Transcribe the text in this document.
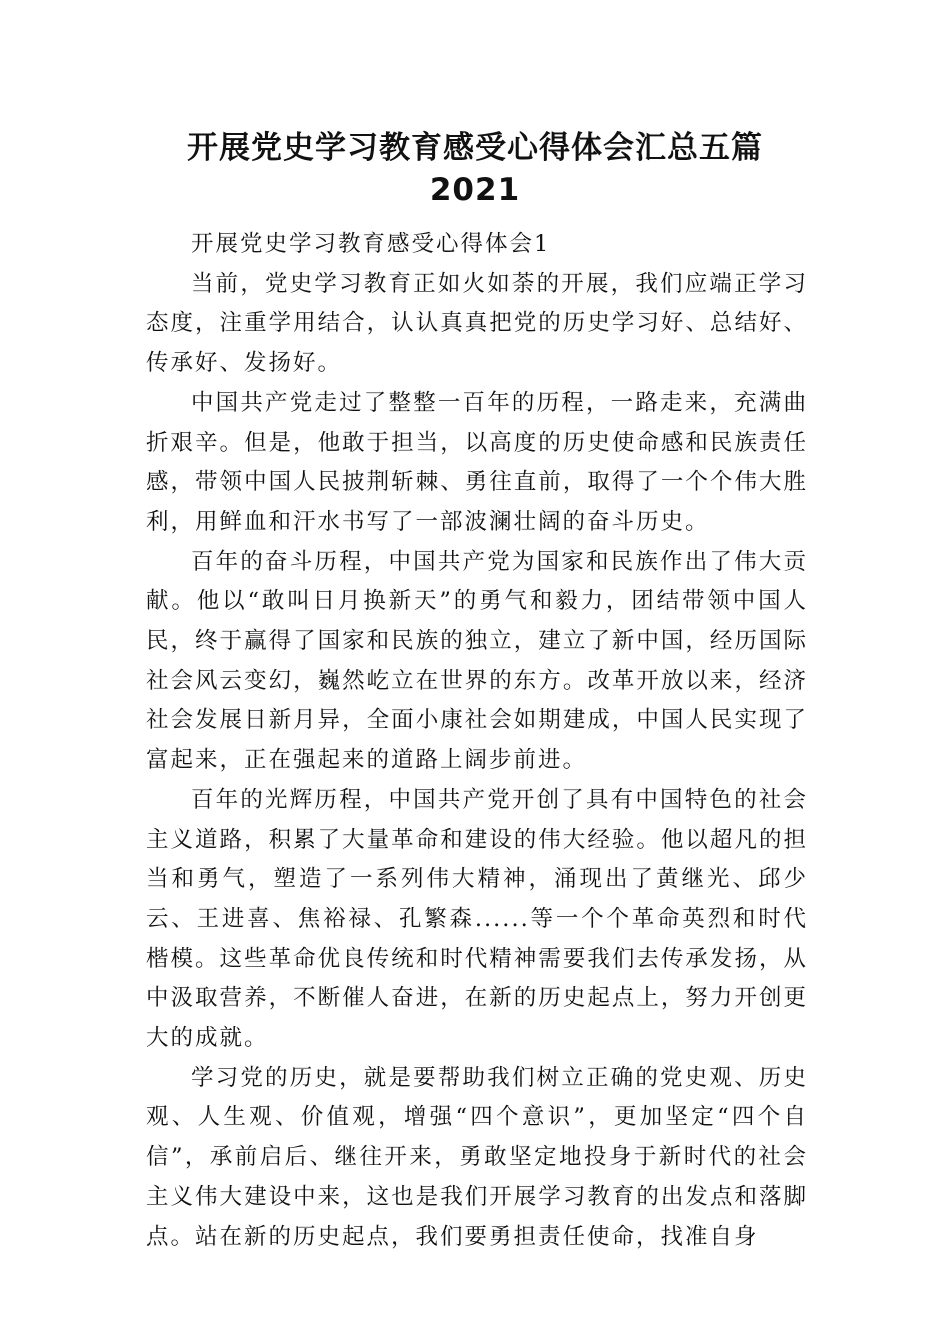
开展党史学习教育感受心得体会汇总五篇
2021

开展党史学习教育感受心得体会1

当前，党史学习教育正如火如荼的开展，我们应端正学习态度，注重学用结合，认认真真把党的历史学习好、总结好、传承好、发扬好。

中国共产党走过了整整一百年的历程，一路走来，充满曲折艰辛。但是，他敢于担当，以高度的历史使命感和民族责任感，带领中国人民披荆斩棘、勇往直前，取得了一个个伟大胜利，用鲜血和汗水书写了一部波澜壮阔的奋斗历史。

百年的奋斗历程，中国共产党为国家和民族作出了伟大贡献。他以“敢叫日月换新天”的勇气和毅力，团结带领中国人民，终于赢得了国家和民族的独立，建立了新中国，经历国际社会风云变幻，巍然屹立在世界的东方。改革开放以来，经济社会发展日新月异，全面小康社会如期建成，中国人民实现了富起来，正在强起来的道路上阔步前进。

百年的光辉历程，中国共产党开创了具有中国特色的社会主义道路，积累了大量革命和建设的伟大经验。他以超凡的担当和勇气，塑造了一系列伟大精神，涌现出了黄继光、邱少云、王进喜、焦裕禄、孔繁森......等一个个革命英烈和时代楷模。这些革命优良传统和时代精神需要我们去传承发扬，从中汲取营养，不断催人奋进，在新的历史起点上，努力开创更大的成就。

学习党的历史，就是要帮助我们树立正确的党史观、历史观、人生观、价值观，增强“四个意识”，更加坚定“四个自信”，承前启后、继往开来，勇敢坚定地投身于新时代的社会主义伟大建设中来，这也是我们开展学习教育的出发点和落脚点。站在新的历史起点，我们要勇担责任使命，找准自身
